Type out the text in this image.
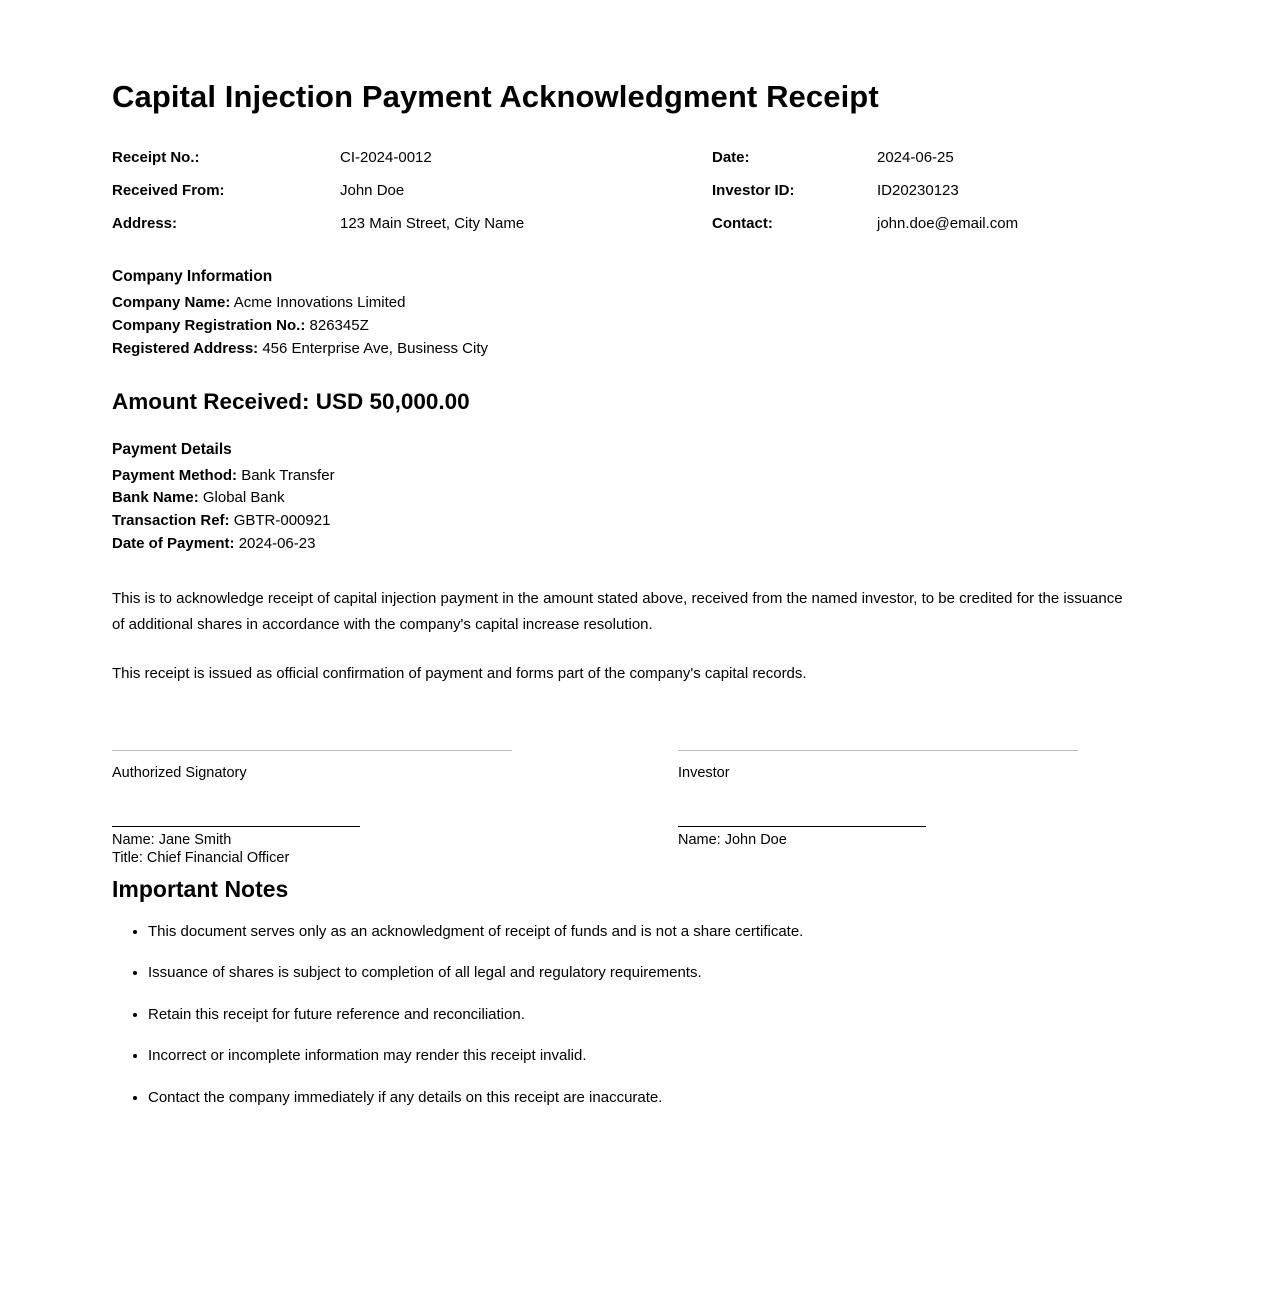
Capital Injection Payment Acknowledgment Receipt
Receipt No.:	CI-2024-0012	Date:	2024-06-25
Received From:	John Doe	Investor ID:	ID20230123
Address:	123 Main Street, City Name	Contact:	john.doe@email.com
Company Information
Company Name: Acme Innovations Limited
Company Registration No.: 826345Z
Registered Address: 456 Enterprise Ave, Business City
Amount Received: USD 50,000.00
Payment Details
Payment Method: Bank Transfer
Bank Name: Global Bank
Transaction Ref: GBTR-000921
Date of Payment: 2024-06-23

This is to acknowledge receipt of capital injection payment in the amount stated above, received from the named investor, to be credited for the issuance of additional shares in accordance with the company's capital increase resolution.

This receipt is issued as official confirmation of payment and forms part of the company's capital records.

Authorized Signatory
Name: Jane Smith
Title: Chief Financial Officer
Investor
Name: John Doe
Important Notes
• This document serves only as an acknowledgment of receipt of funds and is not a share certificate.
• Issuance of shares is subject to completion of all legal and regulatory requirements.
• Retain this receipt for future reference and reconciliation.
• Incorrect or incomplete information may render this receipt invalid.
• Contact the company immediately if any details on this receipt are inaccurate.
